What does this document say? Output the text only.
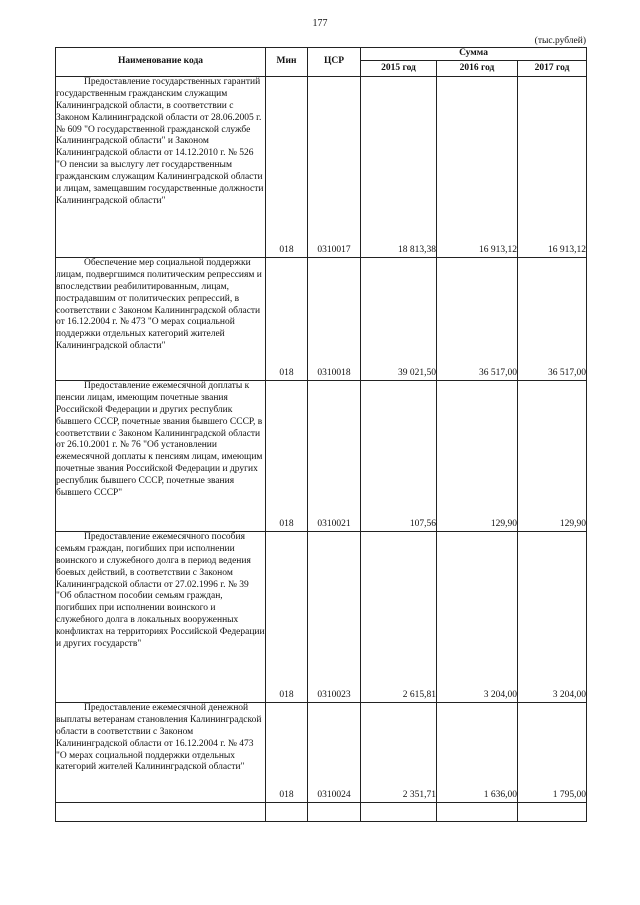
177
(тыс.рублей)
Наименование кода	Мин	ЦСР	Сумма		
			2015 год	2016 год	2017 год

Предоставление государственных гарантий государственным гражданским служащим Калининградской области, в соответствии с Законом Калининградской области от 28.06.2005 г. № 609 "О государственной гражданской службе Калининградской области" и Законом Калининградской области от 14.12.2010 г. № 526 "О пенсии за выслугу лет государственным гражданским служащим Калининградской области и лицам, замещавшим государственные должности Калининградской области"	018	0310017	18 813,38	16 913,12	16 913,12

Обеспечение мер социальной поддержки лицам, подвергшимся политическим репрессиям и впоследствии реабилитированным, лицам, пострадавшим от политических репрессий, в соответствии с Законом Калининградской области от 16.12.2004 г. № 473 "О мерах социальной поддержки отдельных категорий жителей Калининградской области"	018	0310018	39 021,50	36 517,00	36 517,00

Предоставление ежемесячной доплаты к пенсии лицам, имеющим почетные звания Российской Федерации и других республик бывшего СССР, почетные звания бывшего СССР, в соответствии с Законом Калининградской области от 26.10.2001 г. № 76 "Об установлении ежемесячной доплаты к пенсиям лицам, имеющим почетные звания Российской Федерации и других республик бывшего СССР, почетные звания бывшего СССР"	018	0310021	107,56	129,90	129,90

Предоставление ежемесячного пособия семьям граждан, погибших при исполнении воинского и служебного долга в период ведения боевых действий, в соответствии с Законом Калининградской области от 27.02.1996 г. № 39 "Об областном пособии семьям граждан, погибших при исполнении воинского и служебного долга в локальных вооруженных конфликтах на территориях Российской Федерации и других государств"	018	0310023	2 615,81	3 204,00	3 204,00

Предоставление ежемесячной денежной выплаты ветеранам становления Калининградской области в соответствии с Законом Калининградской области от 16.12.2004 г. № 473 "О мерах социальной поддержки отдельных категорий жителей Калининградской области"	018	0310024	2 351,71	1 636,00	1 795,00
